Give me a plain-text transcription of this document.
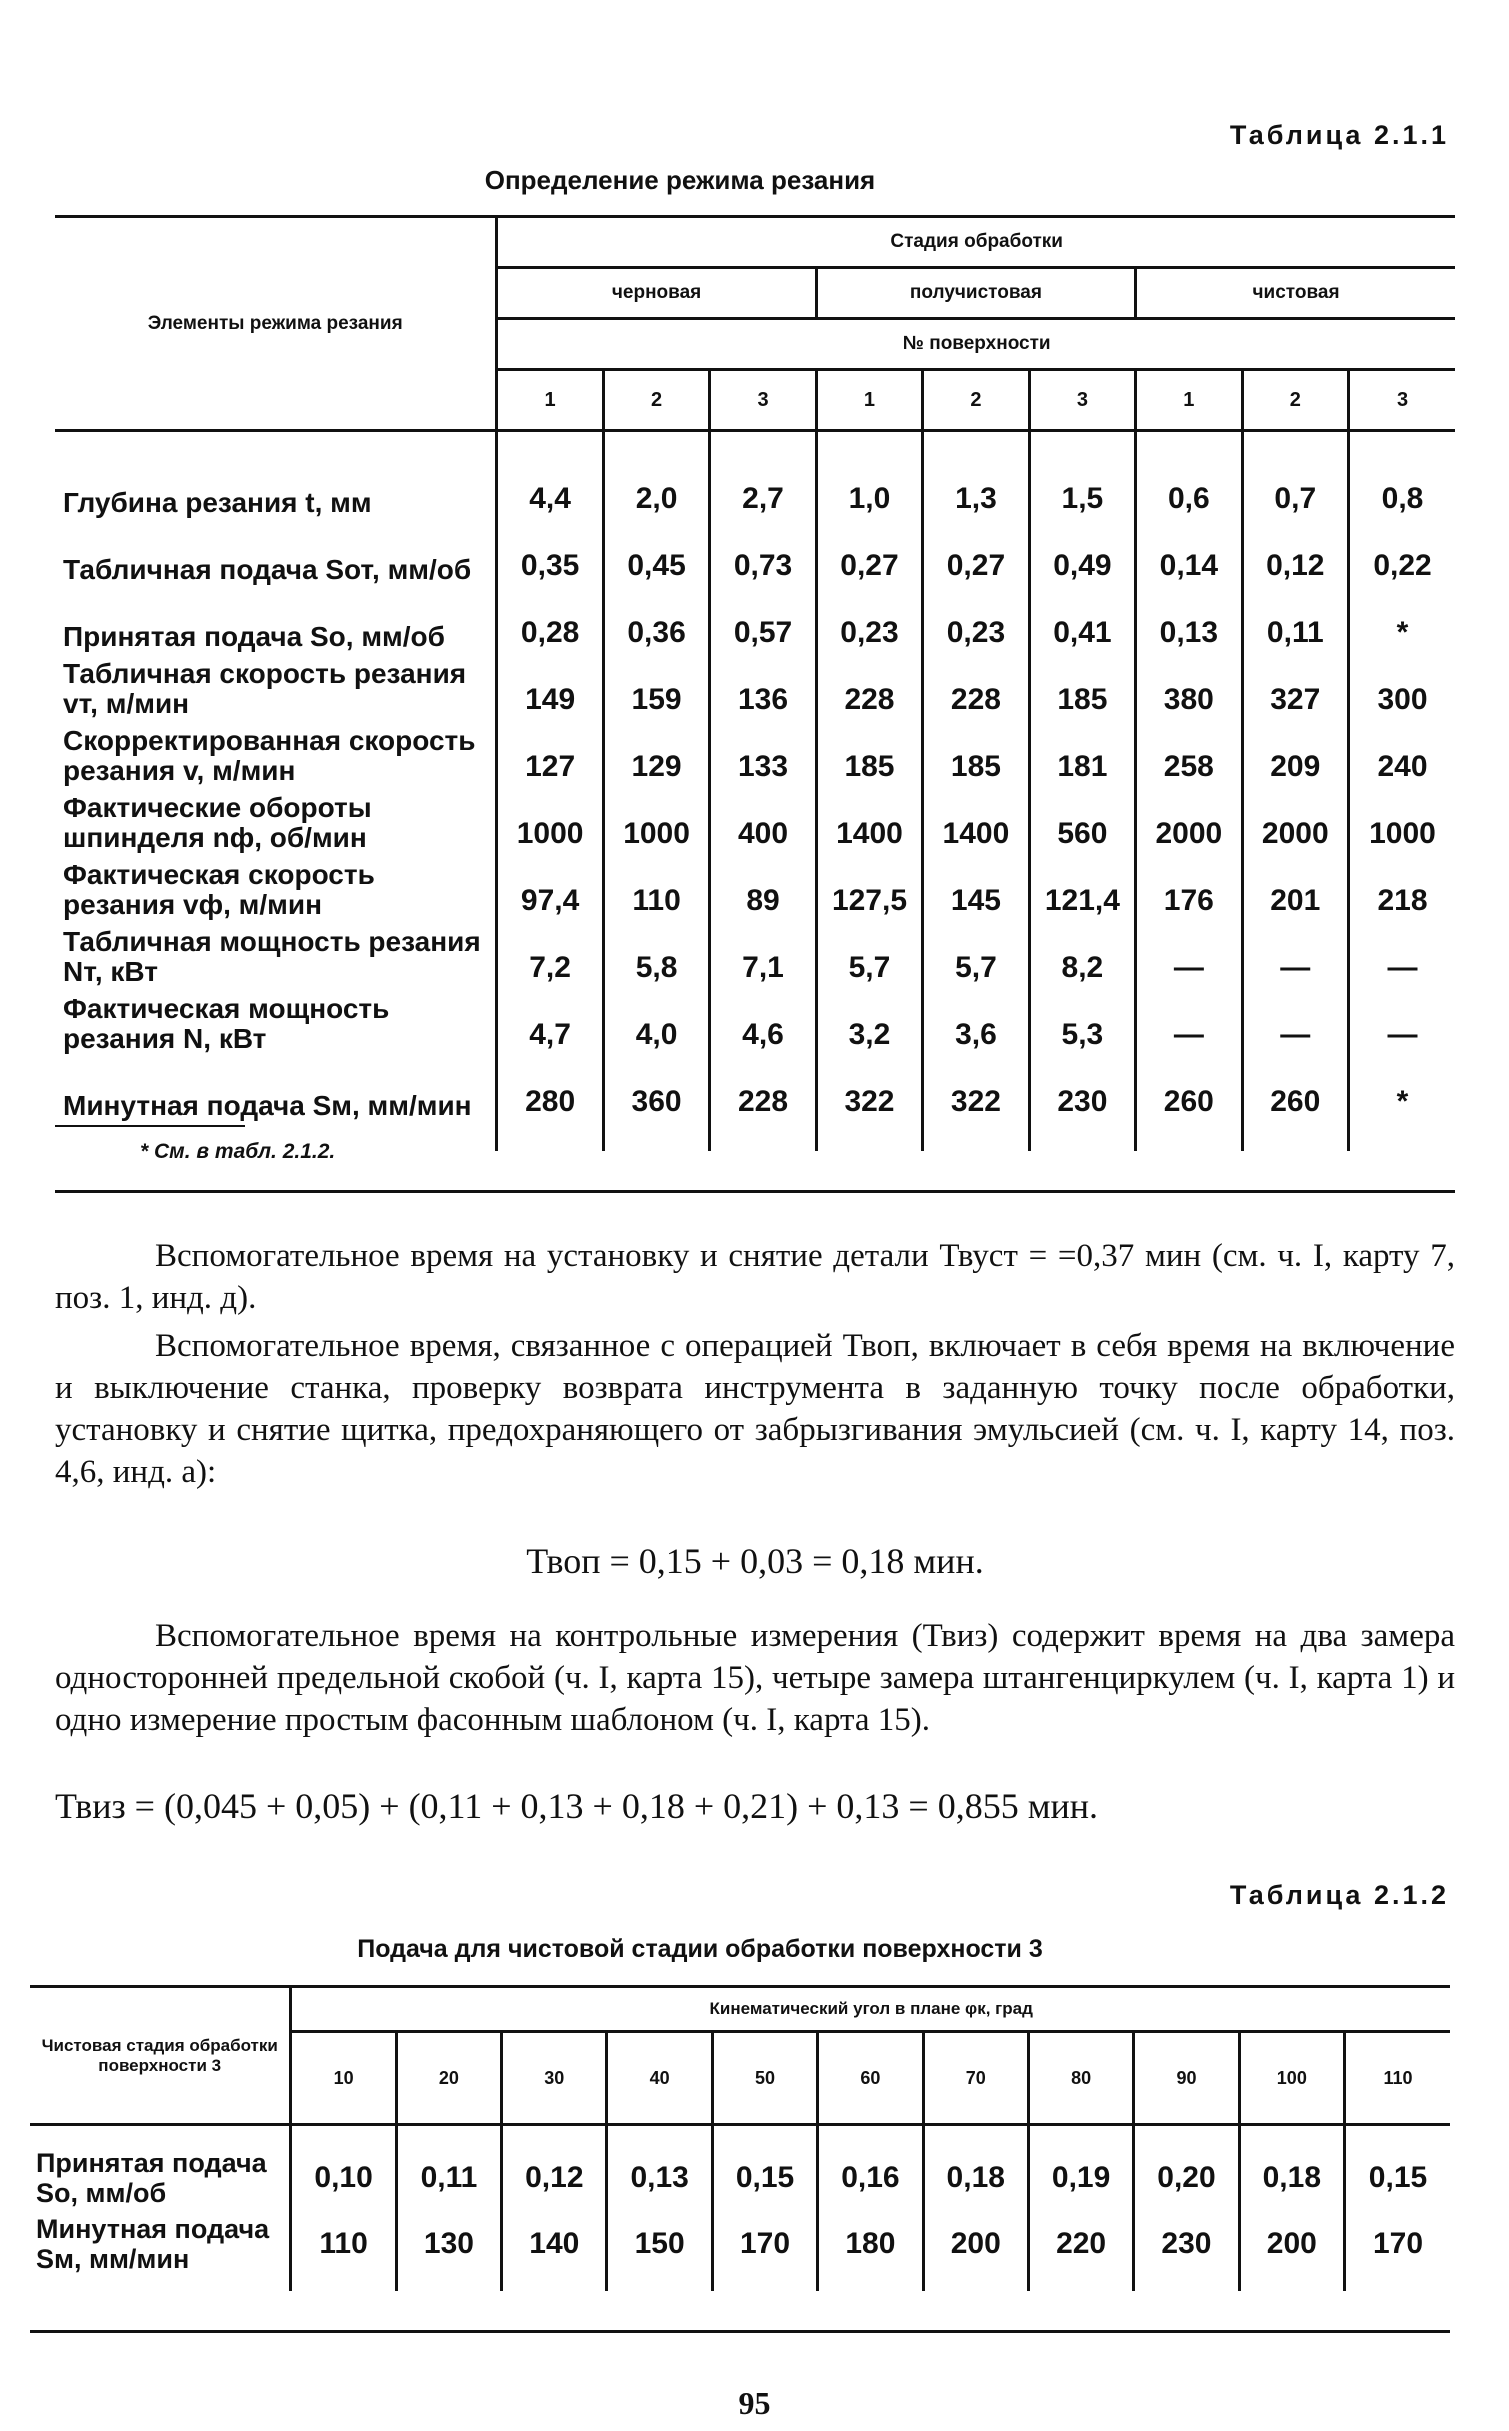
Таблица 2.1.1
Определение режима резания
Элементы режима резания	Стадия обработки								
	черновая			получистовая			чистовая		
	№ поверхности								
	1	2	3	1	2	3	1	2	3

Глубина резания t, мм	4,4	2,0	2,7	1,0	1,3	1,5	0,6	0,7	0,8
Табличная подача Sот, мм/об	0,35	0,45	0,73	0,27	0,27	0,49	0,14	0,12	0,22
Принятая подача Sо, мм/об	0,28	0,36	0,57	0,23	0,23	0,41	0,13	0,11	*
Табличная скорость резания vт, м/мин	149	159	136	228	228	185	380	327	300
Скорректированная скорость резания v, м/мин	127	129	133	185	185	181	258	209	240
Фактические обороты шпинделя nф, об/мин	1000	1000	400	1400	1400	560	2000	2000	1000
Фактическая скорость резания vф, м/мин	97,4	110	89	127,5	145	121,4	176	201	218
Табличная мощность резания Nт, кВт	7,2	5,8	7,1	5,7	5,7	8,2	—	—	—
Фактическая мощность резания N, кВт	4,7	4,0	4,6	3,2	3,6	5,3	—	—	—
Минутная подача Sм, мм/мин	280	360	228	322	322	230	260	260	*

* См. в табл. 2.1.2.
Вспомогательное время на установку и снятие детали Твуст = =0,37 мин (см. ч. I, карту 7, поз. 1, инд. д).
Вспомогательное время, связанное с операцией Твоп, включает в себя время на включение и выключение станка, проверку возврата инструмента в заданную точку после обработки, установку и снятие щитка, предохраняющего от забрызгивания эмульсией (см. ч. I, карту 14, поз. 4,6, инд. а):
Твоп = 0,15 + 0,03 = 0,18 мин.
Вспомогательное время на контрольные измерения (Твиз) содержит время на два замера односторонней предельной скобой (ч. I, карта 15), четыре замера штангенциркулем (ч. I, карта 1) и одно измерение простым фасонным шаблоном (ч. I, карта 15).
Твиз = (0,045 + 0,05) + (0,11 + 0,13 + 0,18 + 0,21) + 0,13 = 0,855 мин.
Таблица 2.1.2
Подача для чистовой стадии обработки поверхности 3
Чистовая стадия обработки поверхности 3	Кинематический угол в плане φк, град										
	10	20	30	40	50	60	70	80	90	100	110

Принятая подача Sо, мм/об	0,10	0,11	0,12	0,13	0,15	0,16	0,18	0,19	0,20	0,18	0,15
Минутная подача Sм, мм/мин	110	130	140	150	170	180	200	220	230	200	170

95
